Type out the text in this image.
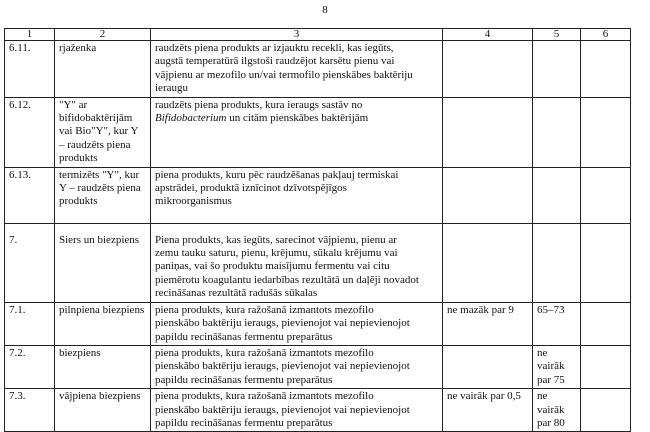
8
1	2	3	4	5	6
6.11.	rjaženka	raudzēts piena produkts ar izjauktu recekli, kas iegūts,
augstā temperatūrā ilgstoši raudzējot karsētu pienu vai
vājpienu ar mezofilo un/vai termofilo pienskābes baktēriju
ieraugu			

6.12.	"Y" ar bifidobaktērijām vai Bio"Y", kur Y – raudzēts piena produkts	raudzēts piena produkts, kura ieraugs sastāv no
Bifidobacterium un citām pienskābes baktērijām			
6.13.	termizēts "Y", kur Y – raudzēts piena produkts	piena produkts, kuru pēc raudzēšanas pakļauj termiskai
apstrādei, produktā iznīcinot dzīvotspējīgos
mikroorganismus			

7.	Siers un biezpiens	Piena produkts, kas iegūts, sarecinot vājpienu, pienu ar
zemu tauku saturu, pienu, krējumu, sūkalu krējumu vai
paniņas, vai šo produktu maisījumu fermentu vai citu
piemērotu koagulantu iedarbības rezultātā un daļēji novadot
recināšanas rezultātā radušās sūkalas			

7.1.	pilnpiena biezpiens	piena produkts, kura ražošanā izmantots mezofilo
pienskābo baktēriju ieraugs, pievienojot vai nepievienojot
papildu recināšanas fermentu preparātus	ne mazāk par 9	65–73	
7.2.	biezpiens	piena produkts, kura ražošanā izmantots mezofilo
pienskābo baktēriju ieraugs, pievienojot vai nepievienojot
papildu recināšanas fermentu preparātus		ne vairāk par 75	
7.3.	vājpiena biezpiens	piena produkts, kura ražošanā izmantots mezofilo
pienskābo baktēriju ieraugs, pievienojot vai nepievienojot
papildu recināšanas fermentu preparātus	ne vairāk par 0,5	ne vairāk par 80	
